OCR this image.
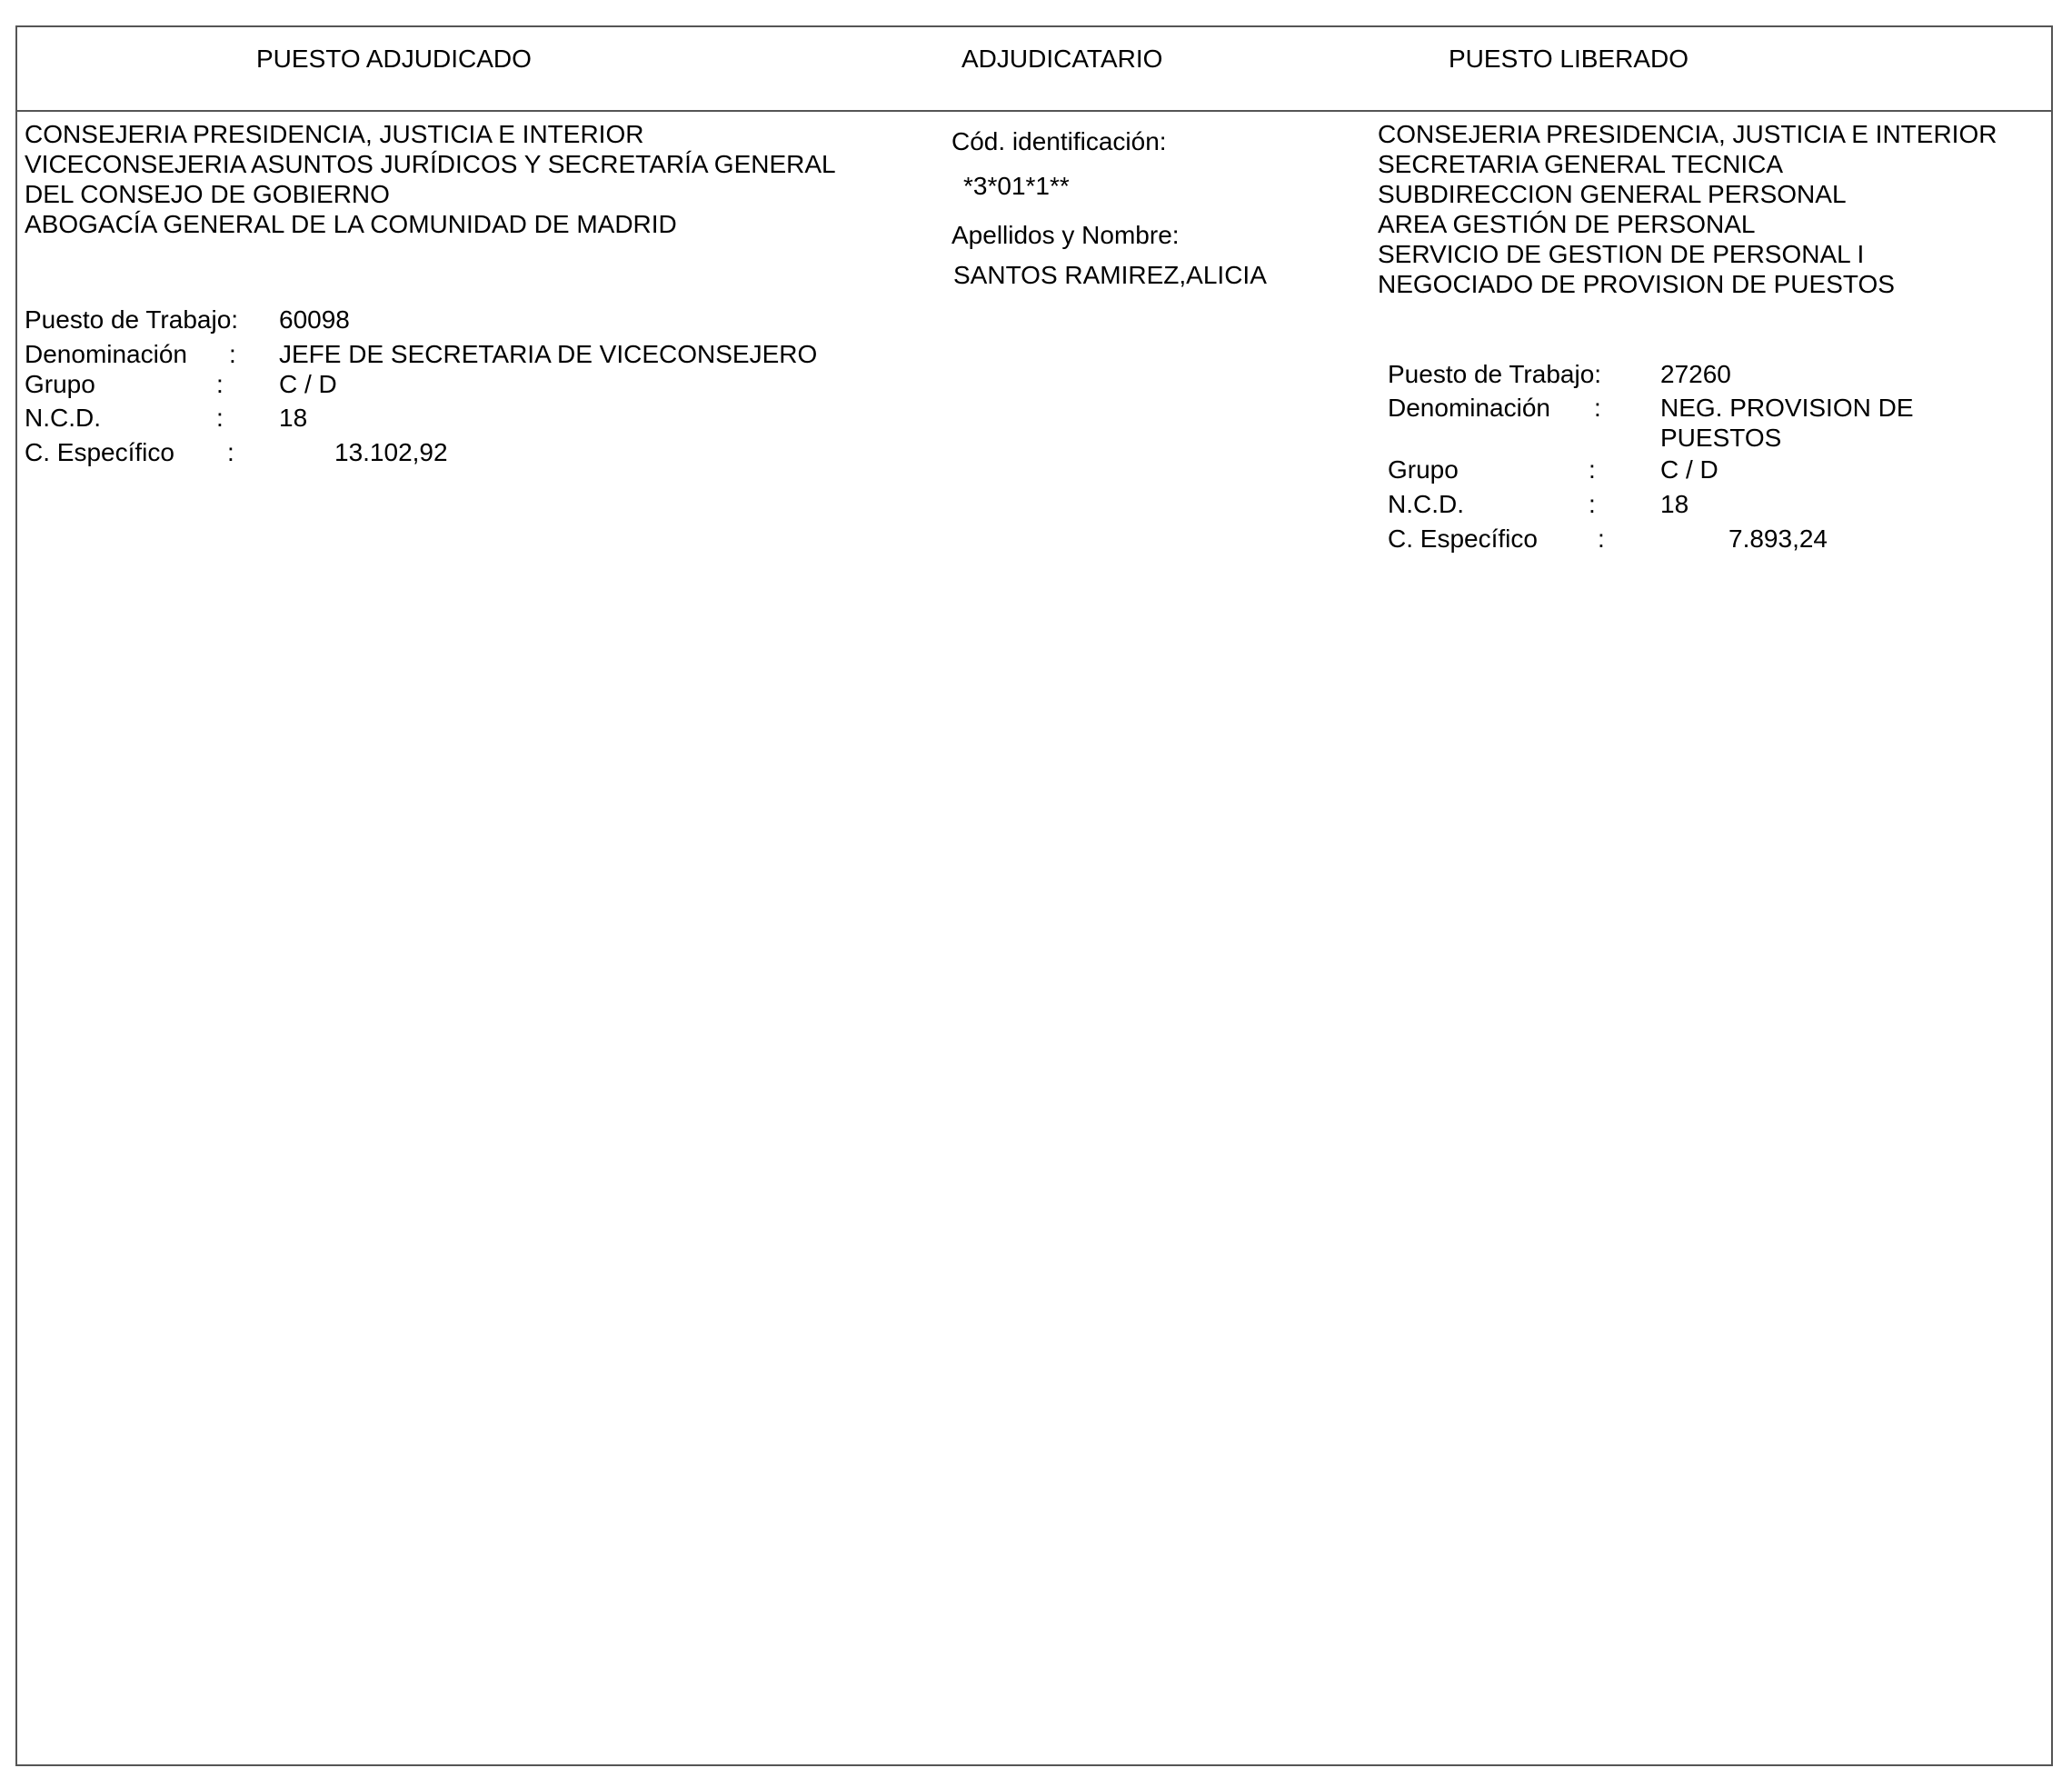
PUESTO ADJUDICADO	ADJUDICATARIO	PUESTO LIBERADO
CONSEJERIA PRESIDENCIA, JUSTICIA E INTERIOR
VICECONSEJERIA ASUNTOS JURÍDICOS Y SECRETARÍA GENERAL
DEL CONSEJO DE GOBIERNO
ABOGACÍA GENERAL DE LA COMUNIDAD DE MADRID
Puesto de Trabajo: 60098
Denominación : JEFE DE SECRETARIA DE VICECONSEJERO
Grupo	: C / D
N.C.D.	: 18
C. Específico :	13.102,92
Cód. identificación:
*3*01*1**
Apellidos y Nombre:
SANTOS RAMIREZ,ALICIA
CONSEJERIA PRESIDENCIA, JUSTICIA E INTERIOR
SECRETARIA GENERAL TECNICA
SUBDIRECCION GENERAL PERSONAL
AREA GESTIÓN DE PERSONAL
SERVICIO DE GESTION DE PERSONAL I
NEGOCIADO DE PROVISION DE PUESTOS
Puesto de Trabajo: 27260
Denominación : NEG. PROVISION DE
PUESTOS
Grupo	:	C / D
N.C.D.	:	18
C. Específico :	7.893,24
